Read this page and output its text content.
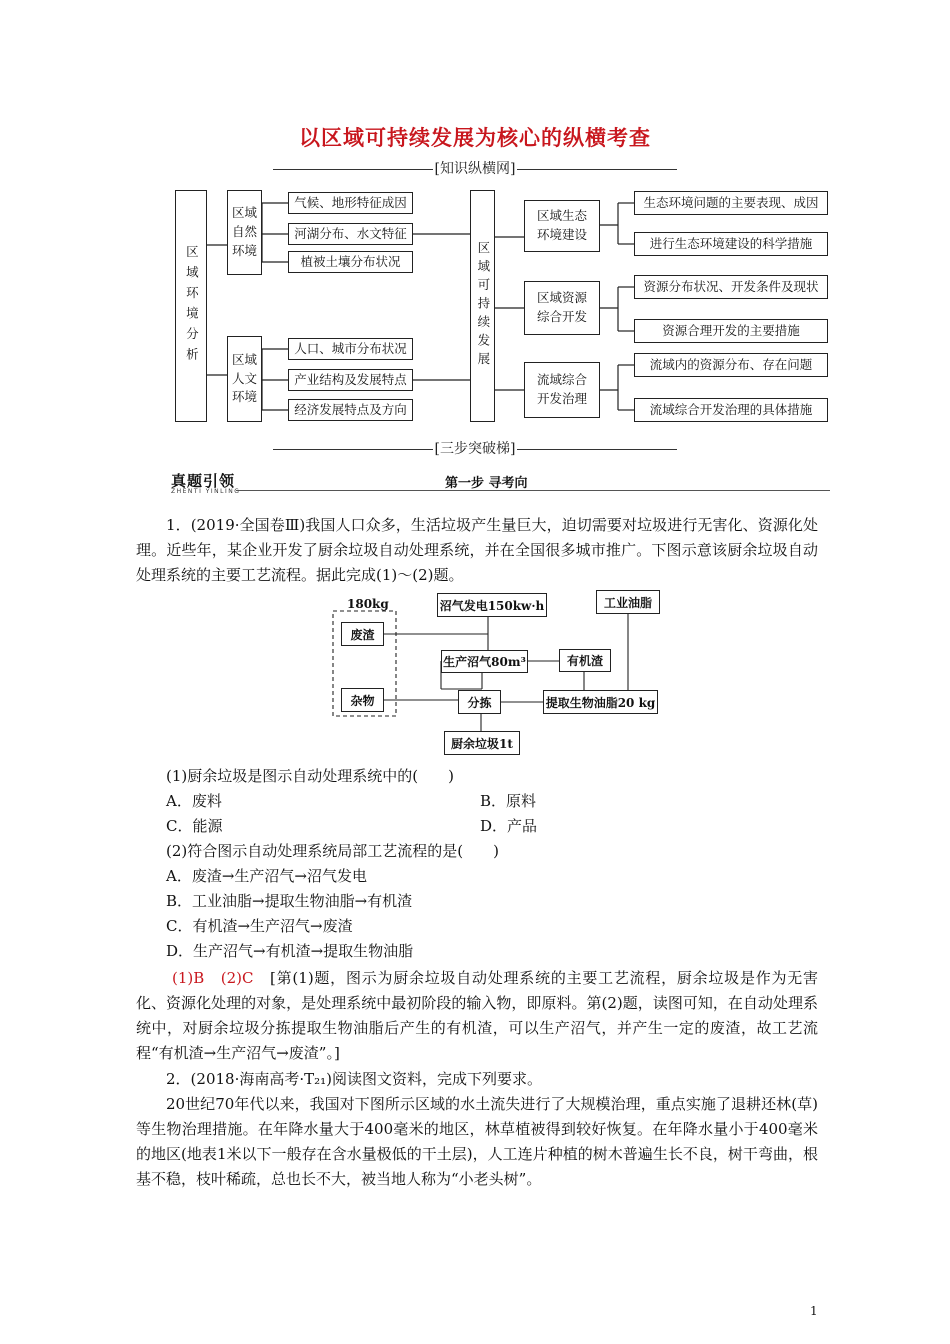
以区域可持续发展为核心的纵横考查
[知识纵横网]
区域环境分析
区域自然环境
区域人文环境
气候、地形特征成因
河湖分布、水文特征
植被土壤分布状况
人口、城市分布状况
产业结构及发展特点
经济发展特点及方向
区域可持续发展
区域生态环境建设
区域资源综合开发
流域综合开发治理
生态环境问题的主要表现、成因
进行生态环境建设的科学措施
资源分布状况、开发条件及现状
资源合理开发的主要措施
流域内的资源分布、存在问题
流域综合开发治理的具体措施
[三步突破梯]
真题引领
ZHENTI YINLING
第一步 寻考向
1．(2019·全国卷Ⅲ)我国人口众多，生活垃圾产生量巨大，迫切需要对垃圾进行无害化、资源化处理。近些年，某企业开发了厨余垃圾自动处理系统，并在全国很多城市推广。下图示意该厨余垃圾自动处理系统的主要工艺流程。据此完成(1)～(2)题。
180kg
废渣
杂物
沼气发电150kw·h	工业油脂
生产沼气80m³	有机渣
分拣	提取生物油脂20 kg
厨余垃圾1t
(1)厨余垃圾是图示自动处理系统中的(　　)
A．废料	B．原料
C．能源	D．产品
(2)符合图示自动处理系统局部工艺流程的是(　　)
A．废渣→生产沼气→沼气发电
B．工业油脂→提取生物油脂→有机渣
C．有机渣→生产沼气→废渣
D．生产沼气→有机渣→提取生物油脂
(1)B　(2)C　 [第(1)题，图示为厨余垃圾自动处理系统的主要工艺流程，厨余垃圾是作为无害化、资源化处理的对象，是处理系统中最初阶段的输入物，即原料。第(2)题，读图可知，在自动处理系统中，对厨余垃圾分拣提取生物油脂后产生的有机渣，可以生产沼气，并产生一定的废渣，故工艺流程“有机渣→生产沼气→废渣”。]
2．(2018·海南高考·T₂₁)阅读图文资料，完成下列要求。
20世纪70年代以来，我国对下图所示区域的水土流失进行了大规模治理，重点实施了退耕还林(草)等生物治理措施。在年降水量大于400毫米的地区，林草植被得到较好恢复。在年降水量小于400毫米的地区(地表1米以下一般存在含水量极低的干土层)，人工连片种植的树木普遍生长不良，树干弯曲，根基不稳，枝叶稀疏，总也长不大，被当地人称为“小老头树”。
1
